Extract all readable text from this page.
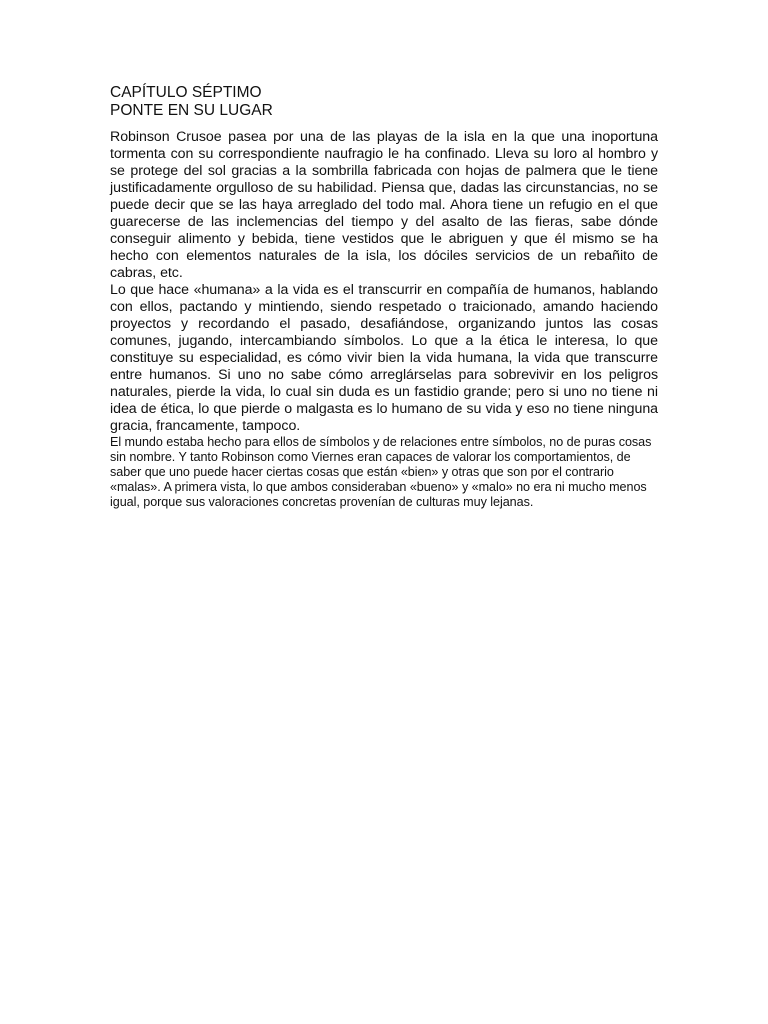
CAPÍTULO SÉPTIMO

PONTE EN SU LUGAR

Robinson Crusoe pasea por una de las playas de la isla en la que una inoportuna tormenta con su correspondiente naufragio le ha confinado. Lleva su loro al hombro y se protege del sol gracias a la sombrilla fabricada con hojas de palmera que le tiene justificadamente orgulloso de su habilidad. Piensa que, dadas las circunstancias, no se puede decir que se las haya arreglado del todo mal. Ahora tiene un refugio en el que guarecerse de las inclemencias del tiempo y del asalto de las fieras, sabe dónde conseguir alimento y bebida, tiene vestidos que le abriguen y que él mismo se ha hecho con elementos naturales de la isla, los dóciles servicios de un rebañito de cabras, etc.

Lo que hace «humana» a la vida es el transcurrir en compañía de humanos, hablando con ellos, pactando y mintiendo, siendo respetado o traicionado, amando haciendo proyectos y recordando el pasado, desafiándose, organizando juntos las cosas comunes, jugando, intercambiando símbolos. Lo que a la ética le interesa, lo que constituye su especialidad, es cómo vivir bien la vida humana, la vida que transcurre entre humanos. Si uno no sabe cómo arreglárselas para sobrevivir en los peligros naturales, pierde la vida, lo cual sin duda es un fastidio grande; pero si uno no tiene ni idea de ética, lo que pierde o malgasta es lo humano de su vida y eso no tiene ninguna gracia, francamente, tampoco.

El mundo estaba hecho para ellos de símbolos y de relaciones entre símbolos, no de puras cosas sin nombre. Y tanto Robinson como Viernes eran capaces de valorar los comportamientos, de saber que uno puede hacer ciertas cosas que están «bien» y otras que son por el contrario «malas». A primera vista, lo que ambos consideraban «bueno» y «malo» no era ni mucho menos igual, porque sus valoraciones concretas provenían de culturas muy lejanas.
